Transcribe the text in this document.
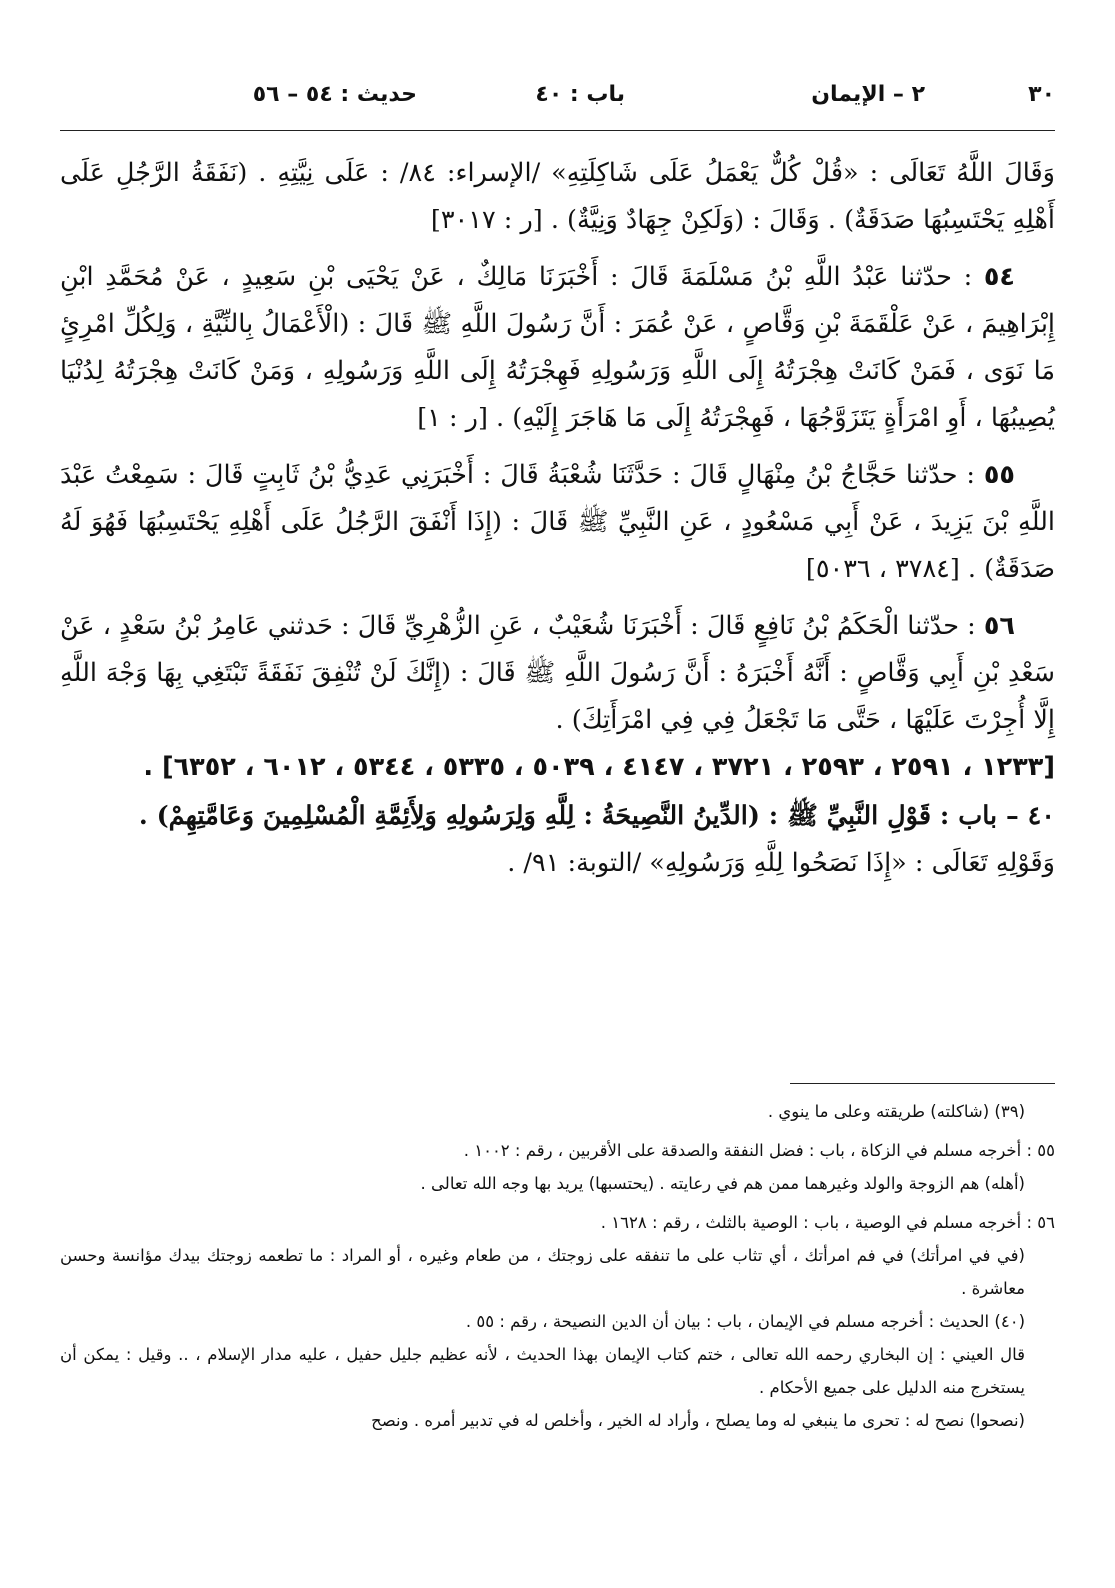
٣٠
٢ – الإيمان
باب : ٤٠
حديث : ٥٤ – ٥٦

وَقَالَ اللَّهُ تَعَالَى : «قُلْ كُلٌّ يَعْمَلُ عَلَى شَاكِلَتِهِ» /الإسراء: ٨٤/ : عَلَى نِيَّتِهِ . (نَفَقَةُ الرَّجُلِ عَلَى أَهْلِهِ يَحْتَسِبُهَا صَدَقَةٌ) . وَقَالَ : (وَلَكِنْ جِهَادٌ وَنِيَّةٌ) . [ر : ٣٠١٧]

٥٤ : حدّثنا عَبْدُ اللَّهِ بْنُ مَسْلَمَةَ قَالَ : أَخْبَرَنَا مَالِكٌ ، عَنْ يَحْيَى بْنِ سَعِيدٍ ، عَنْ مُحَمَّدِ ابْنِ إِبْرَاهِيمَ ، عَنْ عَلْقَمَةَ بْنِ وَقَّاصٍ ، عَنْ عُمَرَ : أَنَّ رَسُولَ اللَّهِ ﷺ قَالَ : (الْأَعْمَالُ بِالنِّيَّةِ ، وَلِكُلِّ امْرِئٍ مَا نَوَى ، فَمَنْ كَانَتْ هِجْرَتُهُ إِلَى اللَّهِ وَرَسُولِهِ فَهِجْرَتُهُ إِلَى اللَّهِ وَرَسُولِهِ ، وَمَنْ كَانَتْ هِجْرَتُهُ لِدُنْيَا يُصِيبُهَا ، أَوِ امْرَأَةٍ يَتَزَوَّجُهَا ، فَهِجْرَتُهُ إِلَى مَا هَاجَرَ إِلَيْهِ) . [ر : ١]

٥٥ : حدّثنا حَجَّاجُ بْنُ مِنْهَالٍ قَالَ : حَدَّثَنَا شُعْبَةُ قَالَ : أَخْبَرَنِي عَدِيُّ بْنُ ثَابِتٍ قَالَ : سَمِعْتُ عَبْدَ اللَّهِ بْنَ يَزِيدَ ، عَنْ أَبِي مَسْعُودٍ ، عَنِ النَّبِيِّ ﷺ قَالَ : (إِذَا أَنْفَقَ الرَّجُلُ عَلَى أَهْلِهِ يَحْتَسِبُهَا فَهُوَ لَهُ صَدَقَةٌ) . [٣٧٨٤ ، ٥٠٣٦]

٥٦ : حدّثنا الْحَكَمُ بْنُ نَافِعٍ قَالَ : أَخْبَرَنَا شُعَيْبٌ ، عَنِ الزُّهْرِيِّ قَالَ : حَدثني عَامِرُ بْنُ سَعْدٍ ، عَنْ سَعْدِ بْنِ أَبِي وَقَّاصٍ : أَنَّهُ أَخْبَرَهُ : أَنَّ رَسُولَ اللَّهِ ﷺ قَالَ : (إِنَّكَ لَنْ تُنْفِقَ نَفَقَةً تَبْتَغِي بِهَا وَجْهَ اللَّهِ إِلَّا أُجِرْتَ عَلَيْهَا ، حَتَّى مَا تَجْعَلُ فِي فِي امْرَأَتِكَ) .

[١٢٣٣ ، ٢٥٩١ ، ٢٥٩٣ ، ٣٧٢١ ، ٤١٤٧ ، ٥٠٣٩ ، ٥٣٣٥ ، ٥٣٤٤ ، ٦٠١٢ ، ٦٣٥٢] .

٤٠ – باب : قَوْلِ النَّبِيِّ ﷺ : (الدِّينُ النَّصِيحَةُ : لِلَّهِ وَلِرَسُولِهِ وَلِأَئِمَّةِ الْمُسْلِمِينَ وَعَامَّتِهِمْ) .

وَقَوْلِهِ تَعَالَى : «إِذَا نَصَحُوا لِلَّهِ وَرَسُولِهِ» /التوبة: ٩١/ .

(٣٩) (شاكلته) طريقته وعلى ما ينوي .

٥٥ : أخرجه مسلم في الزكاة ، باب : فضل النفقة والصدقة على الأقربين ، رقم : ١٠٠٢ .

(أهله) هم الزوجة والولد وغيرهما ممن هم في رعايته . (يحتسبها) يريد بها وجه الله تعالى .

٥٦ : أخرجه مسلم في الوصية ، باب : الوصية بالثلث ، رقم : ١٦٢٨ .

(في في امرأتك) في فم امرأتك ، أي تثاب على ما تنفقه على زوجتك ، من طعام وغيره ، أو المراد : ما تطعمه زوجتك بيدك مؤانسة وحسن معاشرة .

(٤٠) الحديث : أخرجه مسلم في الإيمان ، باب : بيان أن الدين النصيحة ، رقم : ٥٥ .

قال العيني : إن البخاري رحمه الله تعالى ، ختم كتاب الإيمان بهذا الحديث ، لأنه عظيم جليل حفيل ، عليه مدار الإسلام ، .. وقيل : يمكن أن يستخرج منه الدليل على جميع الأحكام .

(نصحوا) نصح له : تحرى ما ينبغي له وما يصلح ، وأراد له الخير ، وأخلص له في تدبير أمره . ونصح
